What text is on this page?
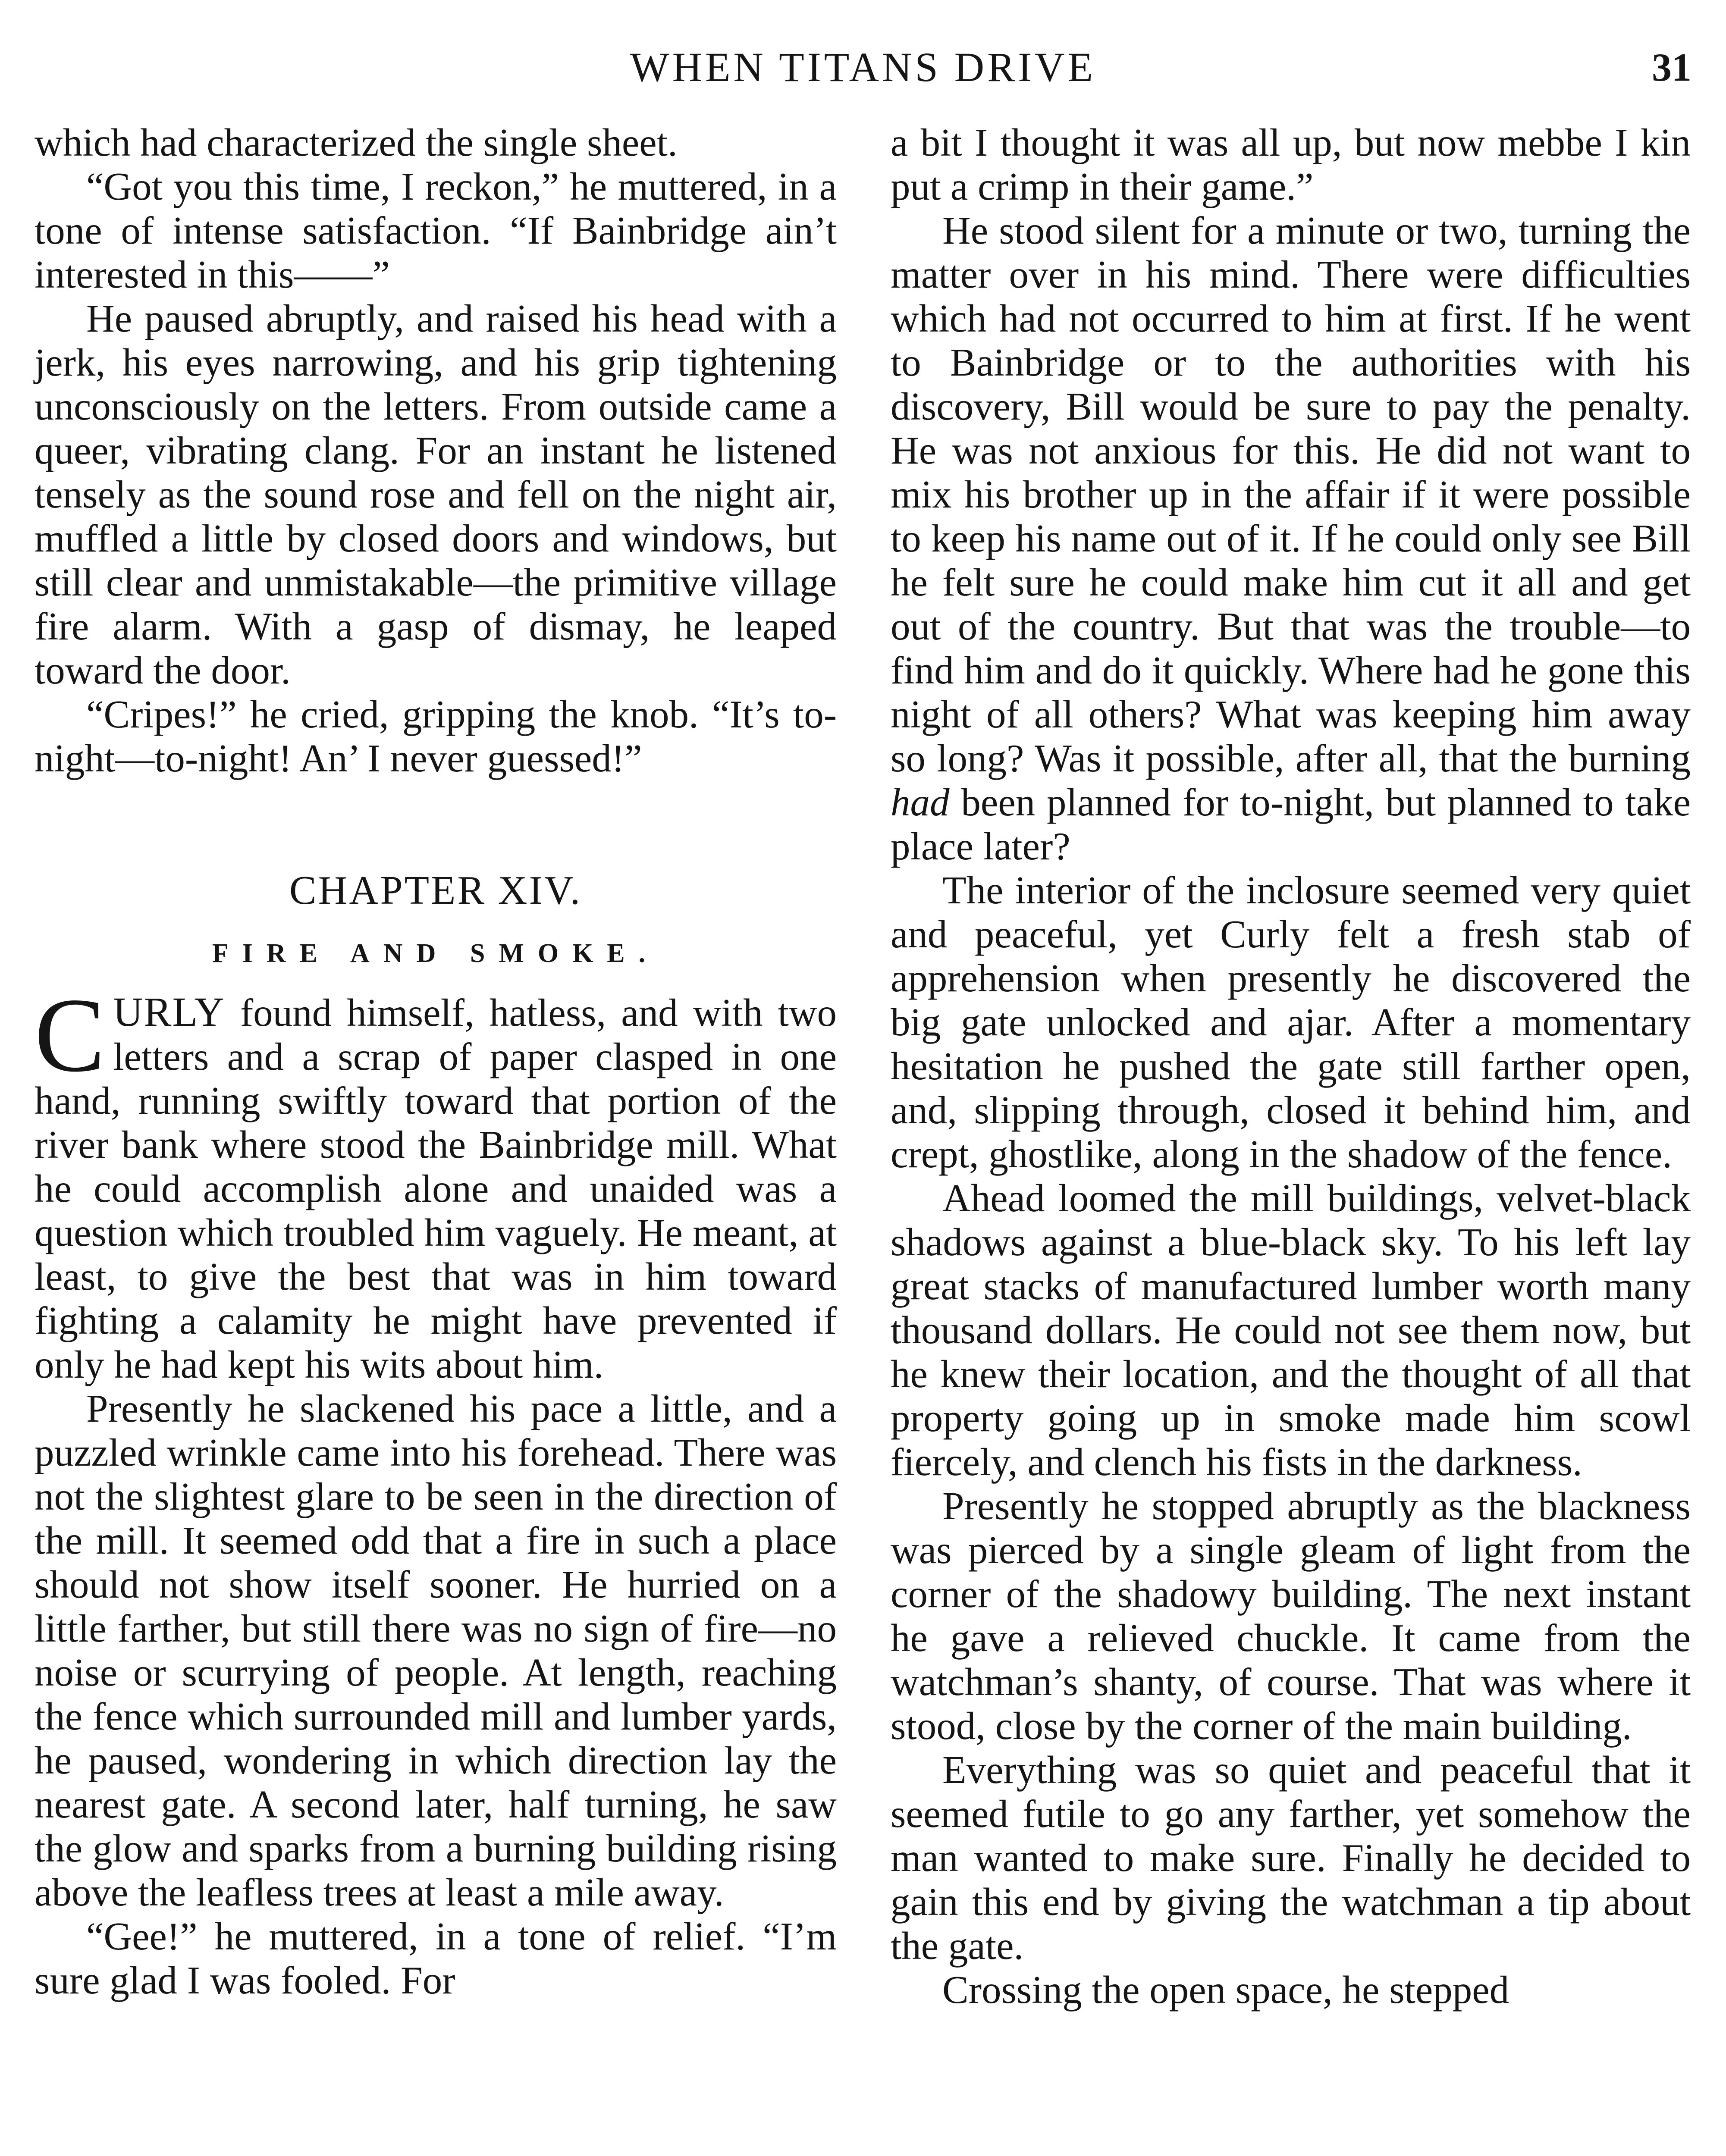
WHEN TITANS DRIVE	31

which had characterized the single sheet.

“Got you this time, I reckon,” he muttered, in a tone of intense satisfaction. “If Bainbridge ain’t interested in this——”

He paused abruptly, and raised his head with a jerk, his eyes narrowing, and his grip tightening unconsciously on the letters. From outside came a queer, vibrating clang. For an instant he listened tensely as the sound rose and fell on the night air, muffled a little by closed doors and windows, but still clear and unmistakable—the primitive village fire alarm. With a gasp of dismay, he leaped toward the door.

“Cripes!” he cried, gripping the knob. “It’s to-night—to-night! An’ I never guessed!”

CHAPTER XIV.
FIRE AND SMOKE.

CURLY found himself, hatless, and with two letters and a scrap of paper clasped in one hand, running swiftly toward that portion of the river bank where stood the Bainbridge mill. What he could accomplish alone and unaided was a question which troubled him vaguely. He meant, at least, to give the best that was in him toward fighting a calamity he might have prevented if only he had kept his wits about him.

Presently he slackened his pace a little, and a puzzled wrinkle came into his forehead. There was not the slightest glare to be seen in the direction of the mill. It seemed odd that a fire in such a place should not show itself sooner. He hurried on a little farther, but still there was no sign of fire—no noise or scurrying of people. At length, reaching the fence which surrounded mill and lumber yards, he paused, wondering in which direction lay the nearest gate. A second later, half turning, he saw the glow and sparks from a burning building rising above the leafless trees at least a mile away.

“Gee!” he muttered, in a tone of relief. “I’m sure glad I was fooled. For

a bit I thought it was all up, but now mebbe I kin put a crimp in their game.”

He stood silent for a minute or two, turning the matter over in his mind. There were difficulties which had not occurred to him at first. If he went to Bainbridge or to the authorities with his discovery, Bill would be sure to pay the penalty. He was not anxious for this. He did not want to mix his brother up in the affair if it were possible to keep his name out of it. If he could only see Bill he felt sure he could make him cut it all and get out of the country. But that was the trouble—to find him and do it quickly. Where had he gone this night of all others? What was keeping him away so long? Was it possible, after all, that the burning had been planned for to-night, but planned to take place later?

The interior of the inclosure seemed very quiet and peaceful, yet Curly felt a fresh stab of apprehension when presently he discovered the big gate unlocked and ajar. After a momentary hesitation he pushed the gate still farther open, and, slipping through, closed it behind him, and crept, ghostlike, along in the shadow of the fence.

Ahead loomed the mill buildings, velvet-black shadows against a blue-black sky. To his left lay great stacks of manufactured lumber worth many thousand dollars. He could not see them now, but he knew their location, and the thought of all that property going up in smoke made him scowl fiercely, and clench his fists in the darkness.

Presently he stopped abruptly as the blackness was pierced by a single gleam of light from the corner of the shadowy building. The next instant he gave a relieved chuckle. It came from the watchman’s shanty, of course. That was where it stood, close by the corner of the main building.

Everything was so quiet and peaceful that it seemed futile to go any farther, yet somehow the man wanted to make sure. Finally he decided to gain this end by giving the watchman a tip about the gate.

Crossing the open space, he stepped
